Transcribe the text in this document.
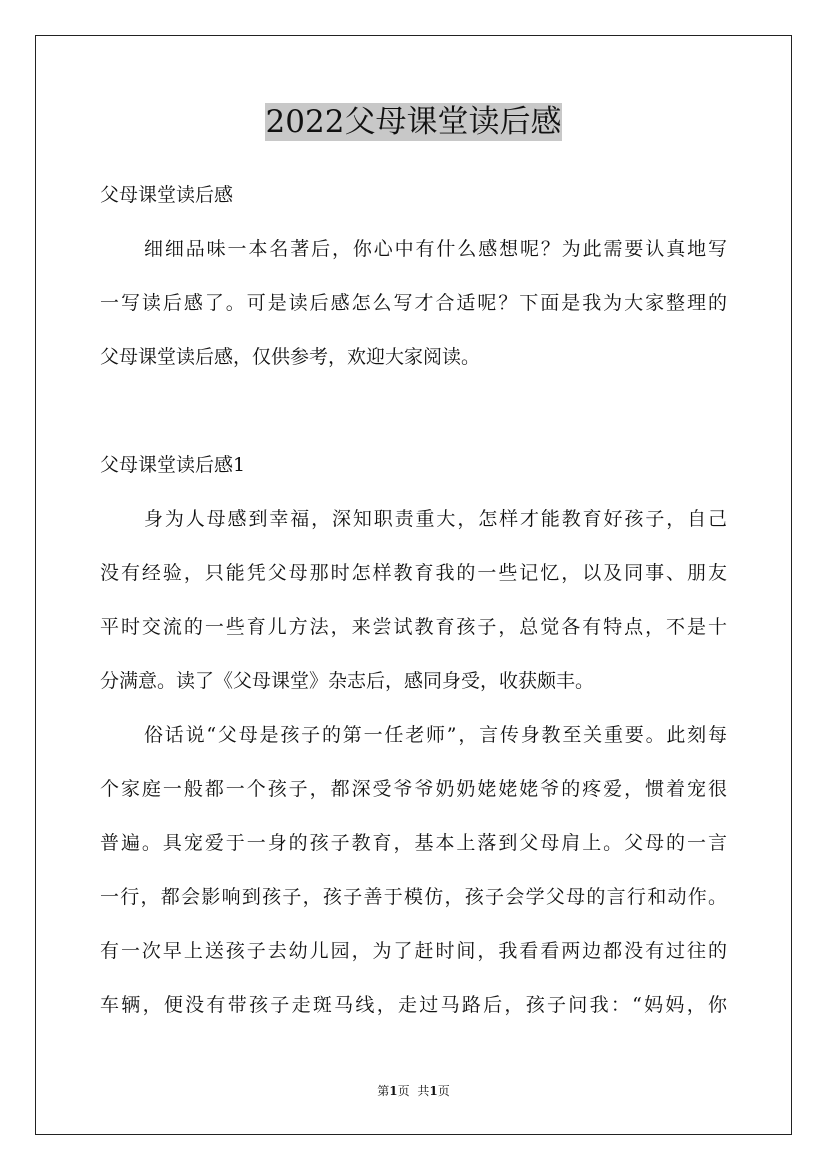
2022父母课堂读后感
父母课堂读后感
细细品味一本名著后，你心中有什么感想呢？为此需要认真地写
一写读后感了。可是读后感怎么写才合适呢？下面是我为大家整理的
父母课堂读后感，仅供参考，欢迎大家阅读。
父母课堂读后感1
身为人母感到幸福，深知职责重大，怎样才能教育好孩子，自己
没有经验，只能凭父母那时怎样教育我的一些记忆，以及同事、朋友
平时交流的一些育儿方法，来尝试教育孩子，总觉各有特点，不是十
分满意。读了《父母课堂》杂志后，感同身受，收获颇丰。
俗话说“父母是孩子的第一任老师”，言传身教至关重要。此刻每
个家庭一般都一个孩子，都深受爷爷奶奶姥姥姥爷的疼爱，惯着宠很
普遍。具宠爱于一身的孩子教育，基本上落到父母肩上。父母的一言
一行，都会影响到孩子，孩子善于模仿，孩子会学父母的言行和动作。
有一次早上送孩子去幼儿园，为了赶时间，我看看两边都没有过往的
车辆，便没有带孩子走斑马线，走过马路后，孩子问我：“妈妈，你
第1页 共1页
